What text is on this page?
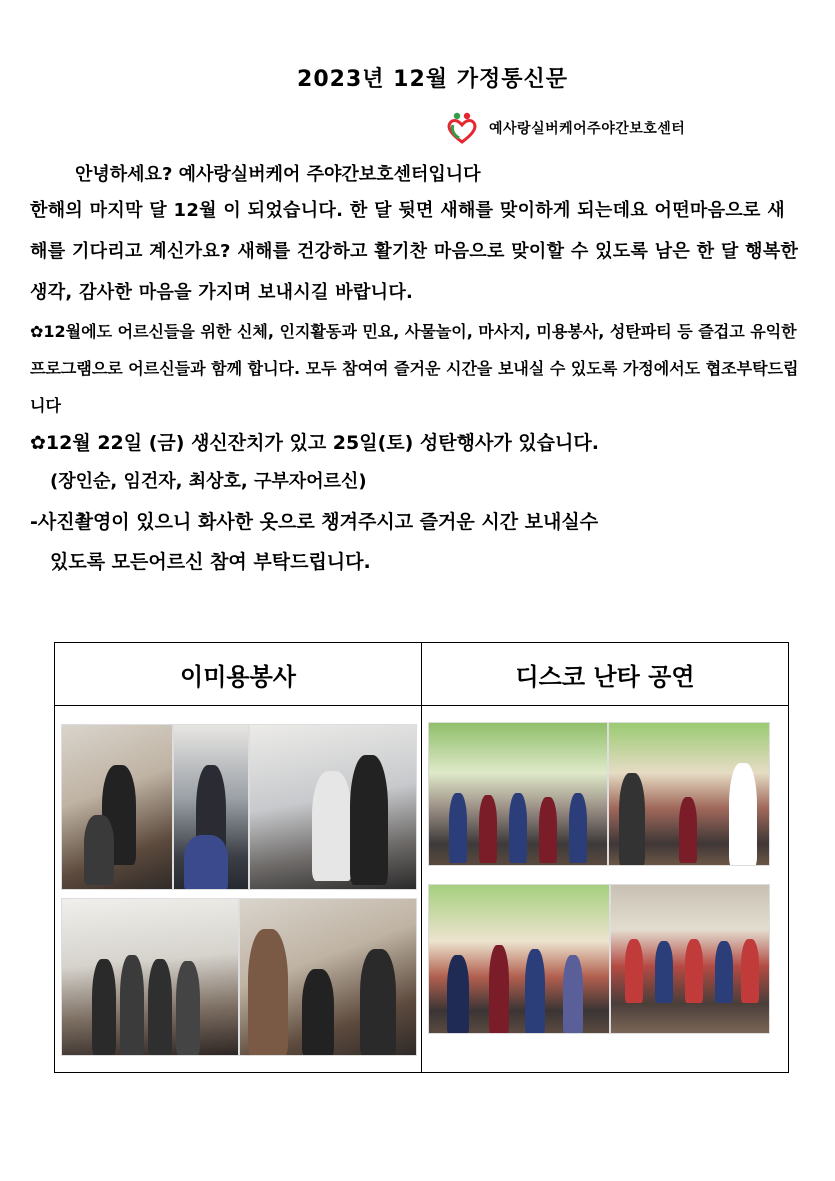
2023년 12월 가정통신문
예사랑실버케어주야간보호센터

안녕하세요? 예사랑실버케어 주야간보호센터입니다

한해의 마지막 달 12월 이 되었습니다. 한 달 뒷면 새해를 맞이하게 되는데요 어떤마음으로 새해를 기다리고 계신가요? 새해를 건강하고 활기찬 마음으로 맞이할 수 있도록 남은 한 달 행복한 생각, 감사한 마음을 가지며 보내시길 바랍니다.

✿12월에도 어르신들을 위한 신체, 인지활동과 민요, 사물놀이, 마사지, 미용봉사, 성탄파티 등 즐겁고 유익한 프로그램으로 어르신들과 함께 합니다. 모두 참여여 즐거운 시간을 보내실 수 있도록 가정에서도 협조부탁드립니다

✿12월 22일 (금) 생신잔치가 있고 25일(토) 성탄행사가 있습니다.

(장인순, 임건자, 최상호, 구부자어르신)

-사진촬영이 있으니 화사한 옷으로 챙겨주시고 즐거운 시간 보내실수

있도록 모든어르신 참여 부탁드립니다.

이미용봉사	디스코 난타 공연
